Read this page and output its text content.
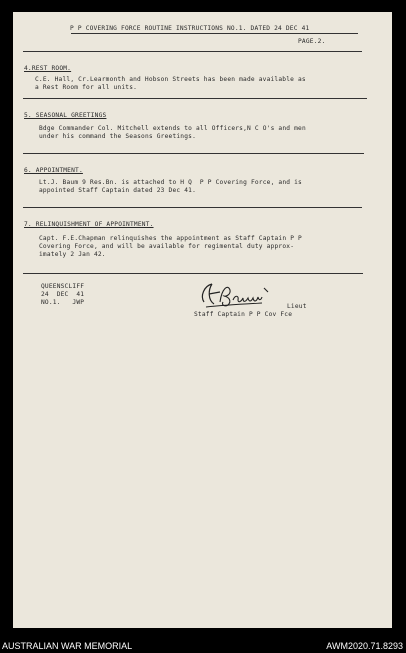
P P COVERING FORCE ROUTINE INSTRUCTIONS NO.1. DATED 24 DEC 41
PAGE.2.
4.REST ROOM.
C.E. Hall, Cr.Learmonth and Hobson Streets has been made available as
a Rest Room for all units.
5. SEASONAL GREETINGS
Bdge Commander Col. Mitchell extends to all Officers,N C O's and men
under his command the Seasons Greetings.
6. APPOINTMENT.
Lt.J. Baum 9 Res.Bn. is attached to H Q  P P Covering Force, and is
appointed Staff Captain dated 23 Dec 41.
7. RELINQUISHMENT OF APPOINTMENT.
Capt. F.E.Chapman relinquishes the appointment as Staff Captain P P
Covering Force, and will be available for regimental duty approx-
imately 2 Jan 42.
QUEENSCLIFF
24  DEC  41
NO.1.   JWP
Lieut
Staff Captain P P Cov Fce
AUSTRALIAN WAR MEMORIAL	AWM2020.71.8293
